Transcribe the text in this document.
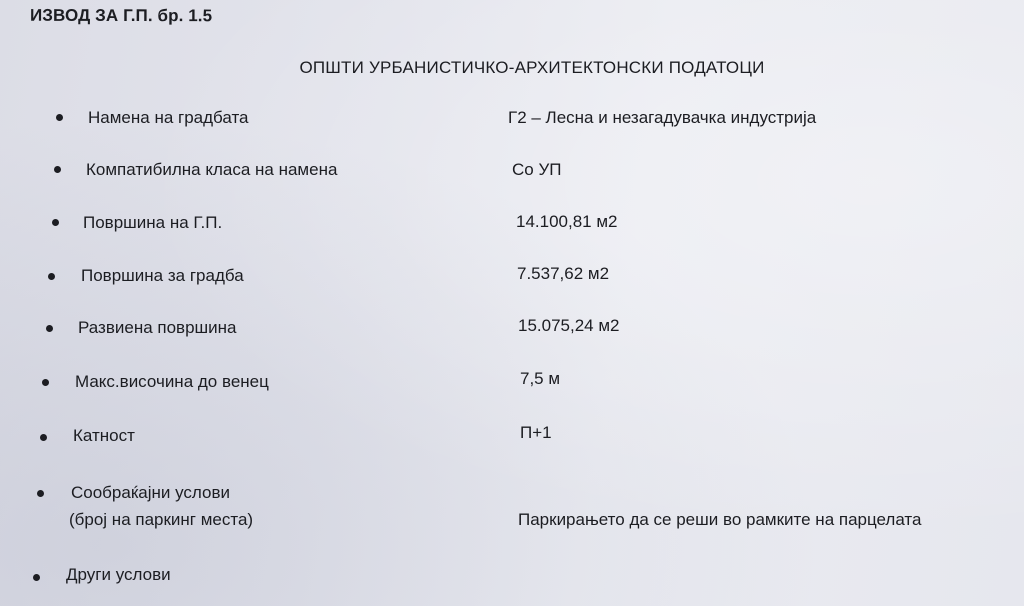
ИЗВОД ЗА Г.П. бр. 1.5
ОПШТИ УРБАНИСТИЧКО-АРХИТЕКТОНСКИ ПОДАТОЦИ
Намена на градбата	Г2 – Лесна и незагадувачка индустрија
Компатибилна класа на намена	Со УП
Површина на Г.П.	14.100,81 м2
Површина за градба	7.537,62 м2
Развиена површина	15.075,24 м2
Макс.височина до венец	7,5 м
Катност	П+1
Сообраќајни услови
(број на паркинг места)	Паркирањето да се реши во рамките на парцелата
Други услови
